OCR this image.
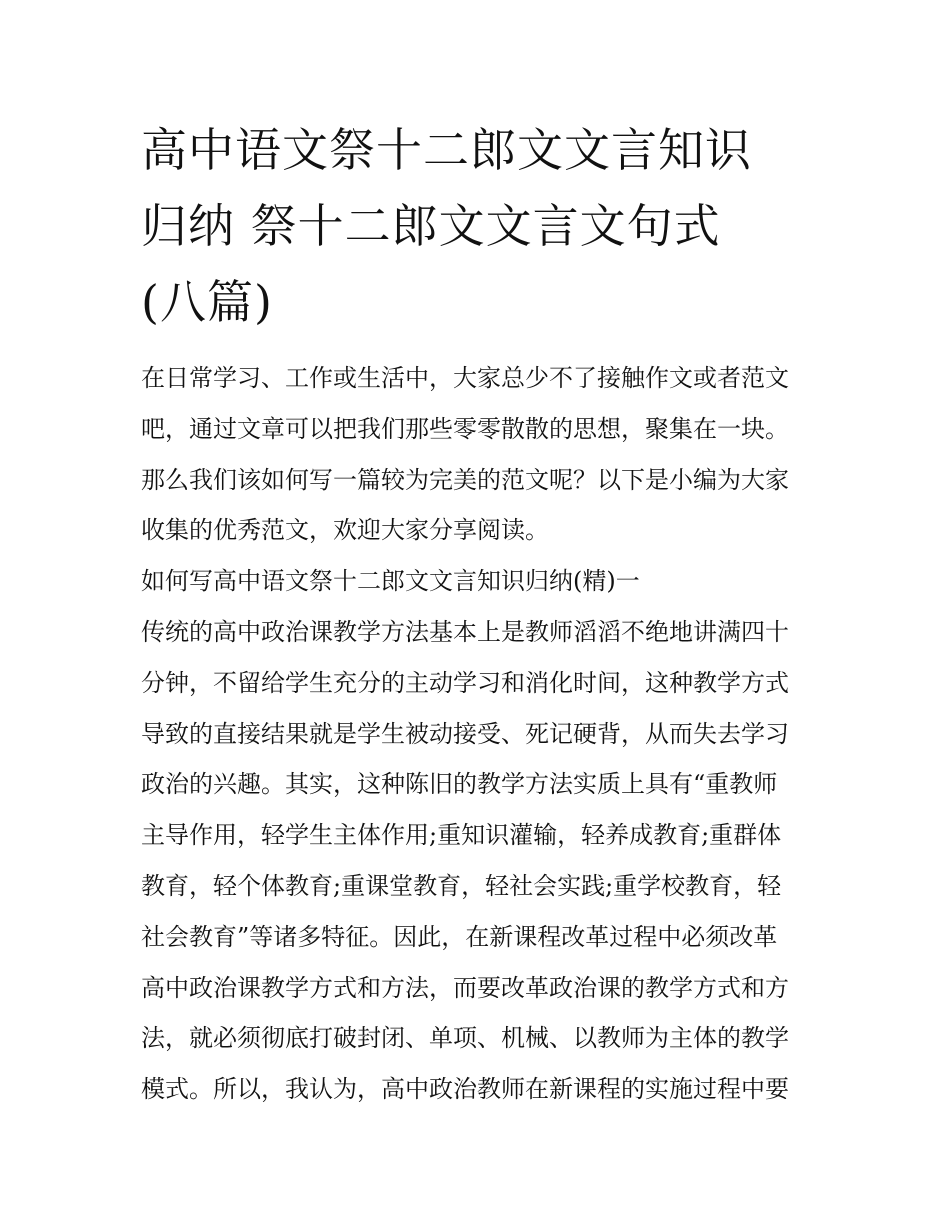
高中语文祭十二郎文文言知识
归纳 祭十二郎文文言文句式
(八篇)
在日常学习、工作或生活中，大家总少不了接触作文或者范文
吧，通过文章可以把我们那些零零散散的思想，聚集在一块。
那么我们该如何写一篇较为完美的范文呢？以下是小编为大家
收集的优秀范文，欢迎大家分享阅读。
如何写高中语文祭十二郎文文言知识归纳(精)一
传统的高中政治课教学方法基本上是教师滔滔不绝地讲满四十
分钟，不留给学生充分的主动学习和消化时间，这种教学方式
导致的直接结果就是学生被动接受、死记硬背，从而失去学习
政治的兴趣。其实，这种陈旧的教学方法实质上具有“重教师
主导作用，轻学生主体作用;重知识灌输，轻养成教育;重群体
教育，轻个体教育;重课堂教育，轻社会实践;重学校教育，轻
社会教育”等诸多特征。因此，在新课程改革过程中必须改革
高中政治课教学方式和方法，而要改革政治课的教学方式和方
法，就必须彻底打破封闭、单项、机械、以教师为主体的教学
模式。所以，我认为，高中政治教师在新课程的实施过程中要
